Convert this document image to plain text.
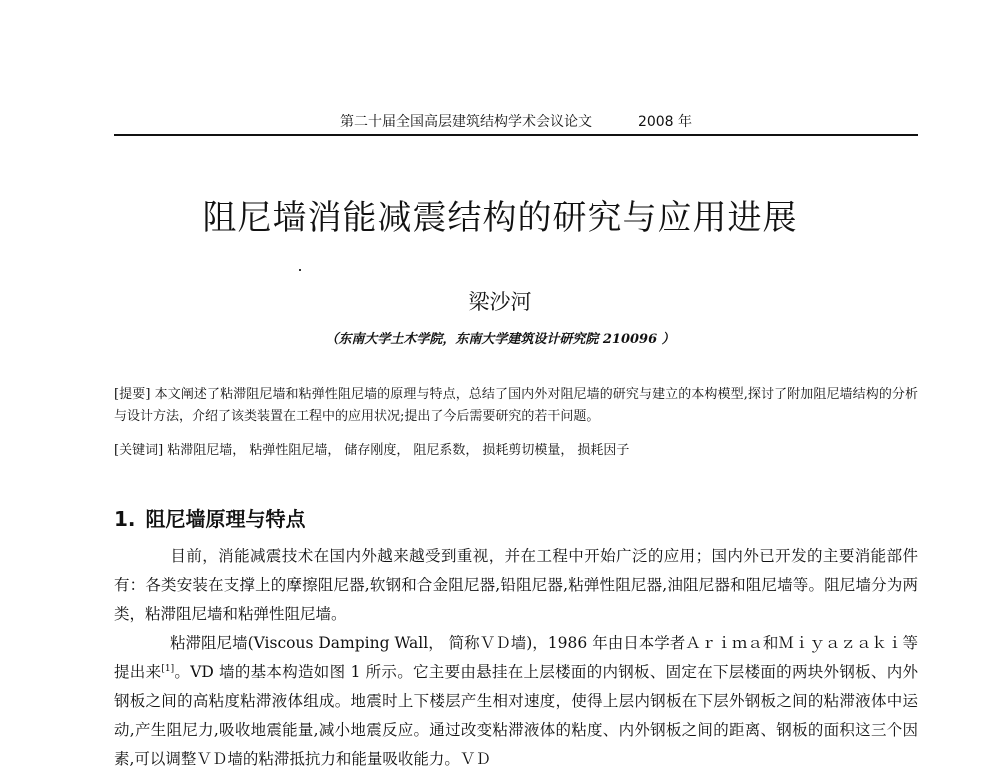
第二十届全国高层建筑结构学术会议论文	2008 年
阻尼墙消能减震结构的研究与应用进展
梁沙河
（东南大学土木学院，东南大学建筑设计研究院 210096 ）
[提要] 本文阐述了粘滞阻尼墙和粘弹性阻尼墙的原理与特点，总结了国内外对阻尼墙的研究与建立的本构模型,探讨了附加阻尼墙结构的分析与设计方法，介绍了该类装置在工程中的应用状况;提出了今后需要研究的若干问题。
[关键词] 粘滞阻尼墙， 粘弹性阻尼墙， 储存刚度， 阻尼系数， 损耗剪切模量， 损耗因子
1. 阻尼墙原理与特点
目前，消能减震技术在国内外越来越受到重视，并在工程中开始广泛的应用；国内外已开发的主要消能部件有：各类安装在支撑上的摩擦阻尼器,软钢和合金阻尼器,铅阻尼器,粘弹性阻尼器,油阻尼器和阻尼墙等。阻尼墙分为两类，粘滞阻尼墙和粘弹性阻尼墙。
粘滞阻尼墙(Viscous Damping Wall， 简称ＶＤ墙)，1986 年由日本学者Ａｒｉｍａ和Ｍｉｙａｚａｋｉ等提出来[1]。VD 墙的基本构造如图 1 所示。它主要由悬挂在上层楼面的内钢板、固定在下层楼面的两块外钢板、内外钢板之间的高粘度粘滞液体组成。地震时上下楼层产生相对速度，使得上层内钢板在下层外钢板之间的粘滞液体中运动,产生阻尼力,吸收地震能量,减小地震反应。通过改变粘滞液体的粘度、内外钢板之间的距离、钢板的面积这三个因素,可以调整ＶＤ墙的粘滞抵抗力和能量吸收能力。ＶＤ
